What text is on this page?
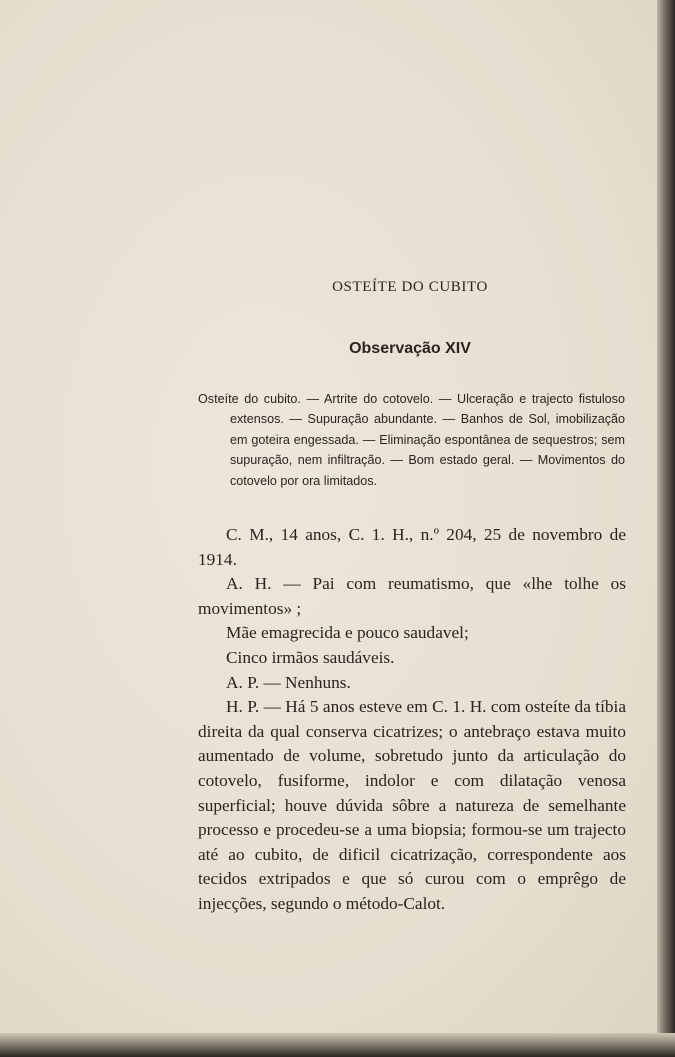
OSTEÍTE DO CUBITO
Observação XIV
Osteíte do cubito. — Artrite do cotovelo. — Ulceração e trajecto fistuloso extensos. — Supuração abundante. — Banhos de Sol, imobilização em goteira engessada. — Eliminação espontânea de sequestros; sem supuração, nem infiltração. — Bom estado geral. — Movimentos do cotovelo por ora limitados.

C. M., 14 anos, C. 1. H., n.º 204, 25 de novembro de 1914.

A. H. — Pai com reumatismo, que «lhe tolhe os movimentos» ;

Mãe emagrecida e pouco saudavel;

Cinco irmãos saudáveis.

A. P. — Nenhuns.

H. P. — Há 5 anos esteve em C. 1. H. com osteíte da tíbia direita da qual conserva cicatrizes; o antebraço estava muito aumentado de volume, sobretudo junto da articulação do cotovelo, fusiforme, indolor e com dilatação venosa superficial; houve dúvida sôbre a natureza de semelhante processo e procedeu-se a uma biopsia; formou-se um trajecto até ao cubito, de dificil cicatrização, correspondente aos tecidos extripados e que só curou com o emprêgo de injecções, segundo o método-Calot.
